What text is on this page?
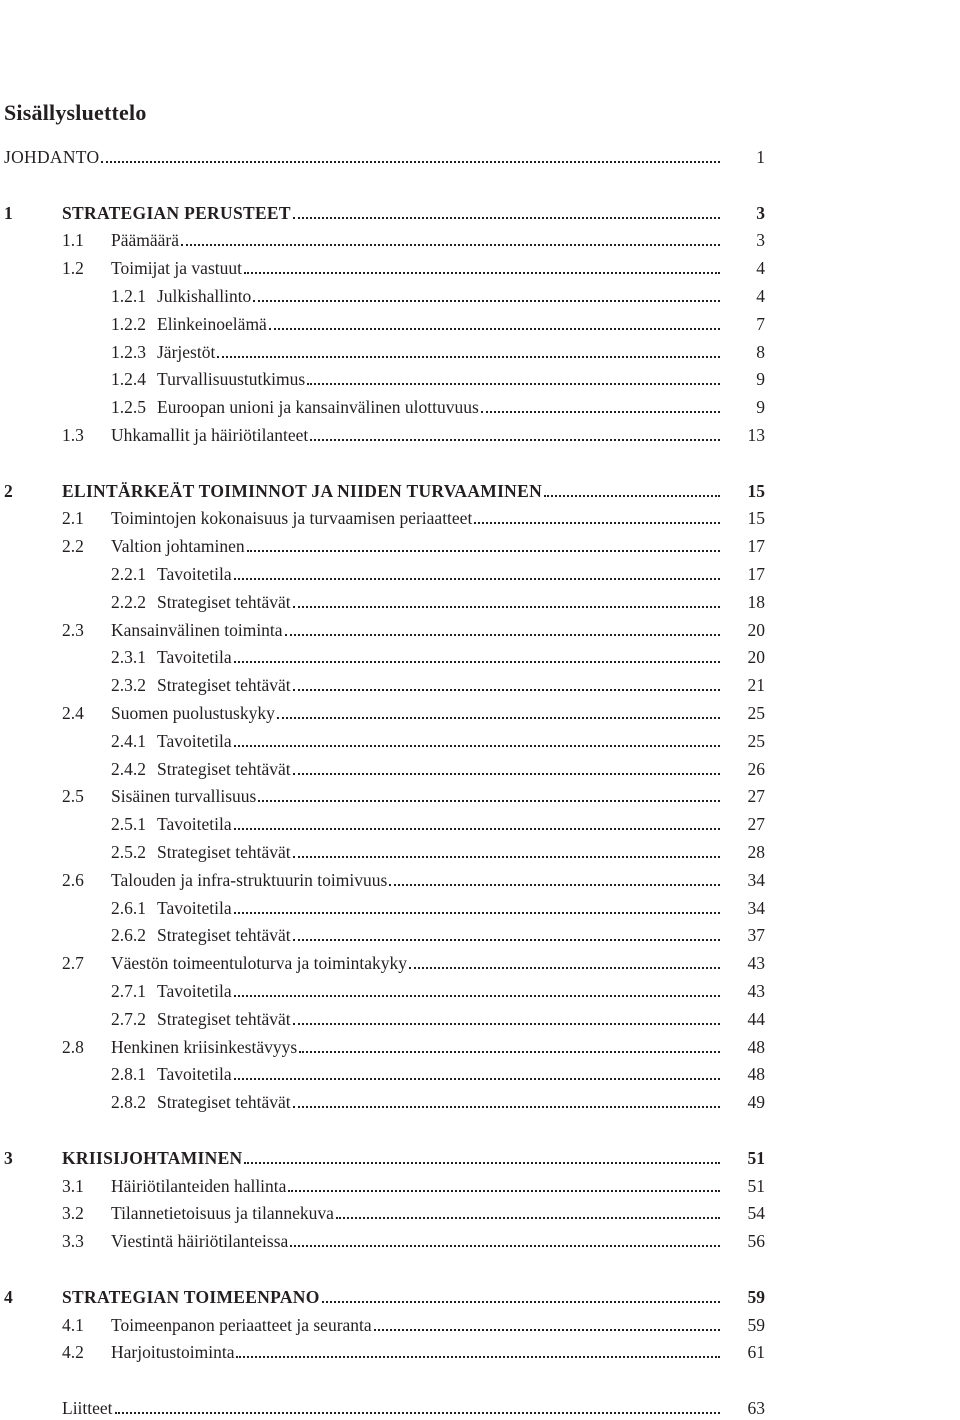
Sisällysluettelo
JOHDANTO	1
1	STRATEGIAN PERUSTEET	3
1.1 Päämäärä	3
1.2 Toimijat ja vastuut	4
1.2.1 Julkishallinto	4
1.2.2 Elinkeinoelämä	7
1.2.3 Järjestöt	8
1.2.4 Turvallisuustutkimus	9
1.2.5 Euroopan unioni ja kansainvälinen ulottuvuus	9
1.3 Uhkamallit ja häiriötilanteet	13
2	ELINTÄRKEÄT TOIMINNOT JA NIIDEN TURVAAMINEN	15
2.1 Toimintojen kokonaisuus ja turvaamisen periaatteet	15
2.2 Valtion johtaminen	17
2.2.1 Tavoitetila	17
2.2.2 Strategiset tehtävät	18
2.3 Kansainvälinen toiminta	20
2.3.1 Tavoitetila	20
2.3.2 Strategiset tehtävät	21
2.4 Suomen puolustuskyky	25
2.4.1 Tavoitetila	25
2.4.2 Strategiset tehtävät	26
2.5 Sisäinen turvallisuus	27
2.5.1 Tavoitetila	27
2.5.2 Strategiset tehtävät	28
2.6 Talouden ja infra-struktuurin toimivuus	34
2.6.1 Tavoitetila	34
2.6.2 Strategiset tehtävät	37
2.7 Väestön toimeentuloturva ja toimintakyky	43
2.7.1 Tavoitetila	43
2.7.2 Strategiset tehtävät	44
2.8 Henkinen kriisinkestävyys	48
2.8.1 Tavoitetila	48
2.8.2 Strategiset tehtävät	49
3	KRIISIJOHTAMINEN	51
3.1 Häiriötilanteiden hallinta	51
3.2 Tilannetietoisuus ja tilannekuva	54
3.3 Viestintä häiriötilanteissa	56
4	STRATEGIAN TOIMEENPANO	59
4.1 Toimeenpanon periaatteet ja seuranta	59
4.2 Harjoitustoiminta	61
Liitteet	63
